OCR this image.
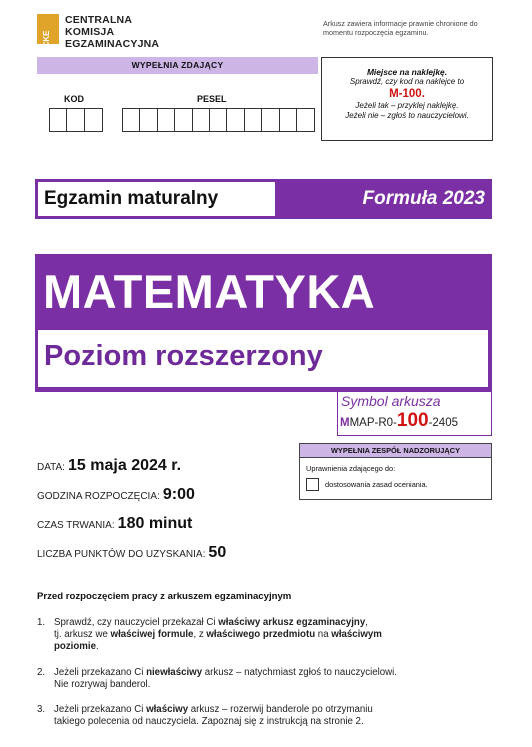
CKE
CENTRALNA
KOMISJA
EGZAMINACYJNA
Arkusz zawiera informacje prawnie chronione do momentu rozpoczęcia egzaminu.
WYPEŁNIA ZDAJĄCY
KOD	PESEL
Miejsce na naklejkę.
Sprawdź, czy kod na naklejce to
M-100.
Jeżeli tak – przyklej naklejkę.
Jeżeli nie – zgłoś to nauczycielowi.
Egzamin maturalny	Formuła 2023
MATEMATYKA
Poziom rozszerzony
Symbol arkusza
MMAP-R0-100-2405
WYPEŁNIA ZESPÓŁ NADZORUJĄCY
Uprawnienia zdającego do:
dostosowania zasad oceniania.
DATA: 15 maja 2024 r.
GODZINA ROZPOCZĘCIA: 9:00
CZAS TRWANIA: 180 minut
LICZBA PUNKTÓW DO UZYSKANIA: 50
Przed rozpoczęciem pracy z arkuszem egzaminacyjnym
1. Sprawdź, czy nauczyciel przekazał Ci właściwy arkusz egzaminacyjny,
tj. arkusz we właściwej formule, z właściwego przedmiotu na właściwym
poziomie.
2. Jeżeli przekazano Ci niewłaściwy arkusz – natychmiast zgłoś to nauczycielowi.
Nie rozrywaj banderol.
3. Jeżeli przekazano Ci właściwy arkusz – rozerwij banderole po otrzymaniu
takiego polecenia od nauczyciela. Zapoznaj się z instrukcją na stronie 2.
